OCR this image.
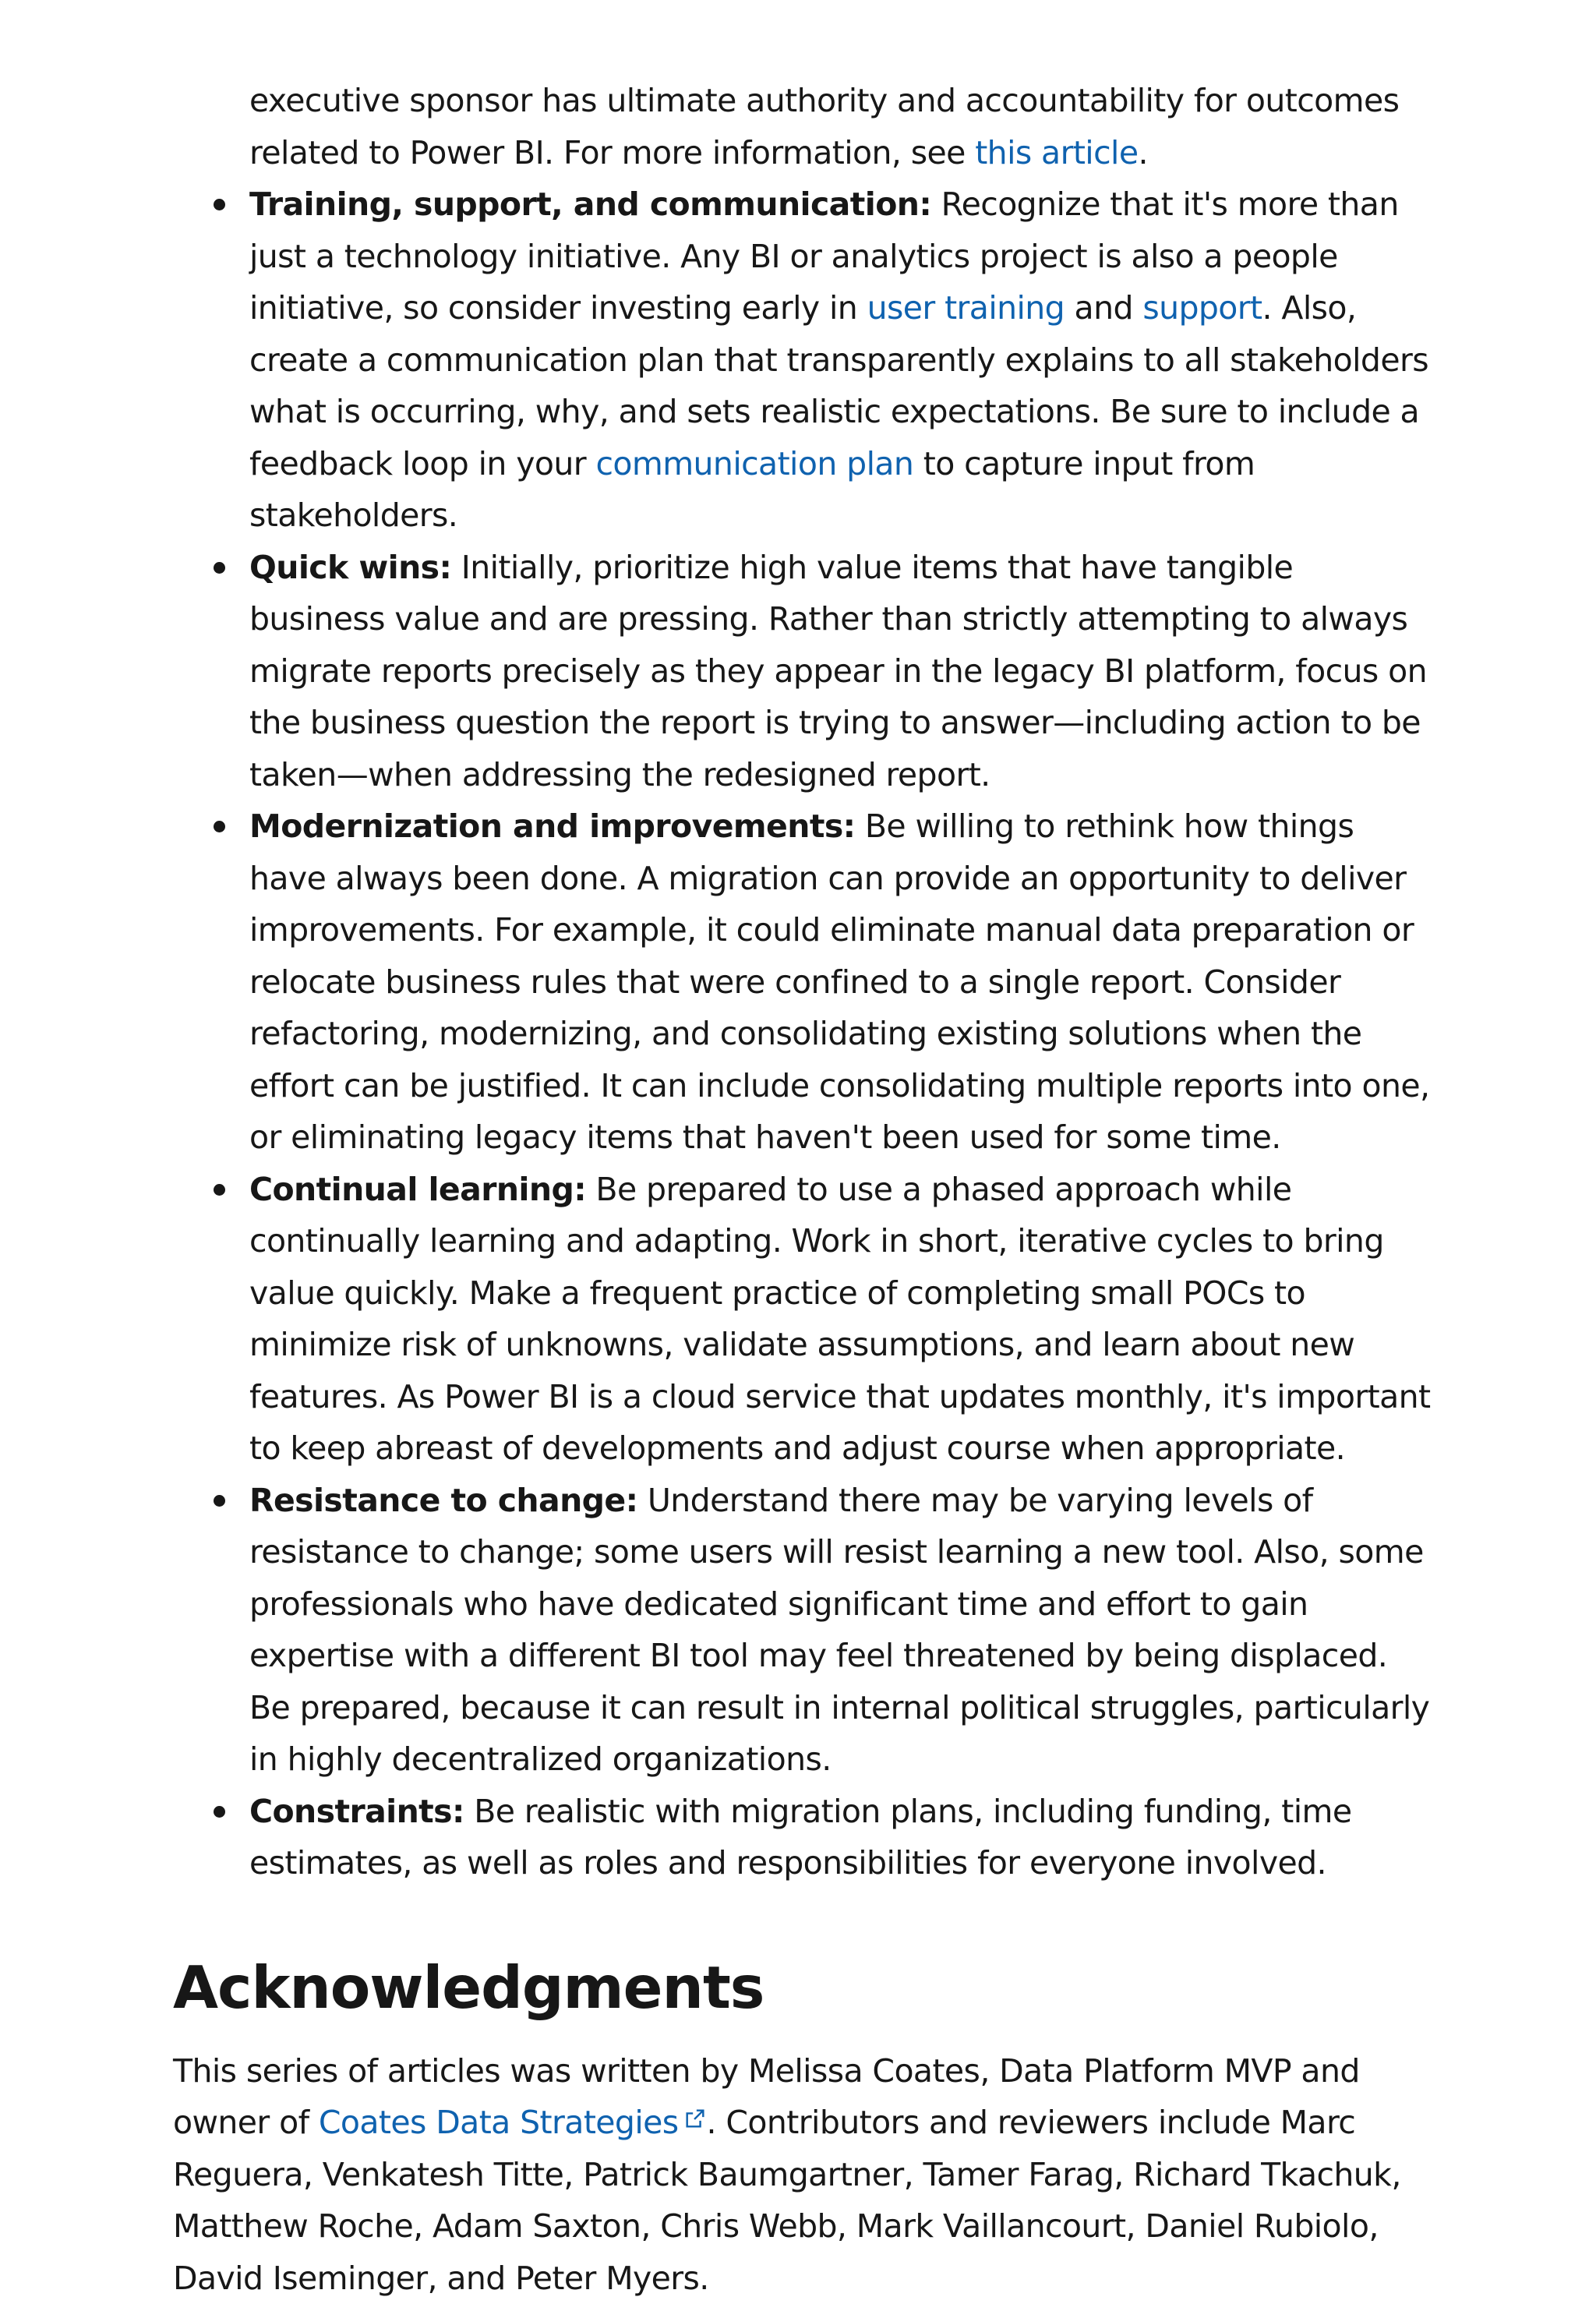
executive sponsor has ultimate authority and accountability for outcomes related to Power BI. For more information, see this article.

Training, support, and communication: Recognize that it's more than just a technology initiative. Any BI or analytics project is also a people initiative, so consider investing early in user training and support. Also, create a communication plan that transparently explains to all stakeholders what is occurring, why, and sets realistic expectations. Be sure to include a feedback loop in your communication plan to capture input from stakeholders.
Quick wins: Initially, prioritize high value items that have tangible business value and are pressing. Rather than strictly attempting to always migrate reports precisely as they appear in the legacy BI platform, focus on the business question the report is trying to answer—including action to be taken—when addressing the redesigned report.
Modernization and improvements: Be willing to rethink how things have always been done. A migration can provide an opportunity to deliver improvements. For example, it could eliminate manual data preparation or relocate business rules that were confined to a single report. Consider refactoring, modernizing, and consolidating existing solutions when the effort can be justified. It can include consolidating multiple reports into one, or eliminating legacy items that haven't been used for some time.
Continual learning: Be prepared to use a phased approach while continually learning and adapting. Work in short, iterative cycles to bring value quickly. Make a frequent practice of completing small POCs to minimize risk of unknowns, validate assumptions, and learn about new features. As Power BI is a cloud service that updates monthly, it's important to keep abreast of developments and adjust course when appropriate.
Resistance to change: Understand there may be varying levels of resistance to change; some users will resist learning a new tool. Also, some professionals who have dedicated significant time and effort to gain expertise with a different BI tool may feel threatened by being displaced. Be prepared, because it can result in internal political struggles, particularly in highly decentralized organizations.
Constraints: Be realistic with migration plans, including funding, time estimates, as well as roles and responsibilities for everyone involved.
Acknowledgments

This series of articles was written by Melissa Coates, Data Platform MVP and owner of Coates Data Strategies . Contributors and reviewers include Marc Reguera, Venkatesh Titte, Patrick Baumgartner, Tamer Farag, Richard Tkachuk, Matthew Roche, Adam Saxton, Chris Webb, Mark Vaillancourt, Daniel Rubiolo, David Iseminger, and Peter Myers.
